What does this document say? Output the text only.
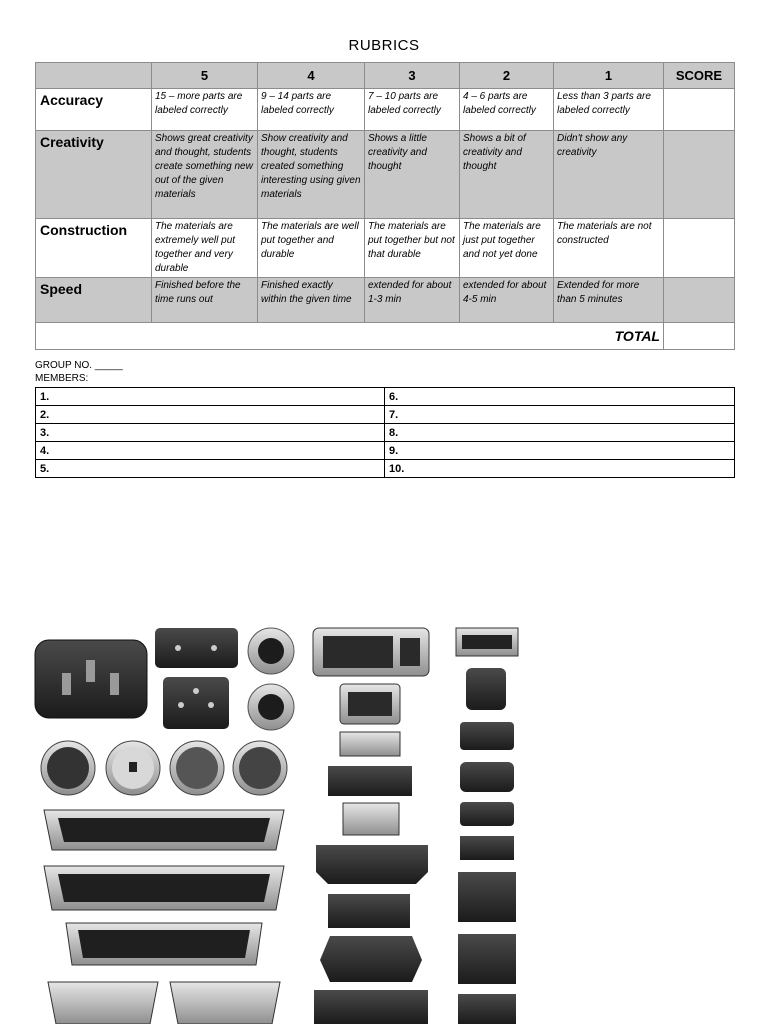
RUBRICS
	5	4	3	2	1	SCORE
Accuracy	15 – more parts are labeled correctly	9 – 14 parts are labeled correctly	7 – 10 parts are labeled correctly	4 – 6 parts are labeled correctly	Less than 3 parts are labeled correctly	
Creativity	Shows great creativity and thought, students create something new out of the given materials	Show creativity and thought, students created something interesting using given materials	Shows a little creativity and thought	Shows a bit of creativity and thought	Didn't show any creativity	
Construction	The materials are extremely well put together and very durable	The materials are well put together and durable	The materials are put together but not that durable	The materials are just put together and not yet done	The materials are not constructed	
Speed	Finished before the time runs out	Finished exactly within the given time	extended for about 1-3 min	extended for about 4-5 min	Extended for more than 5 minutes	
					TOTAL	
GROUP NO. _____
MEMBERS:
1.	6.
2.	7.
3.	8.
4.	9.
5.	10.
